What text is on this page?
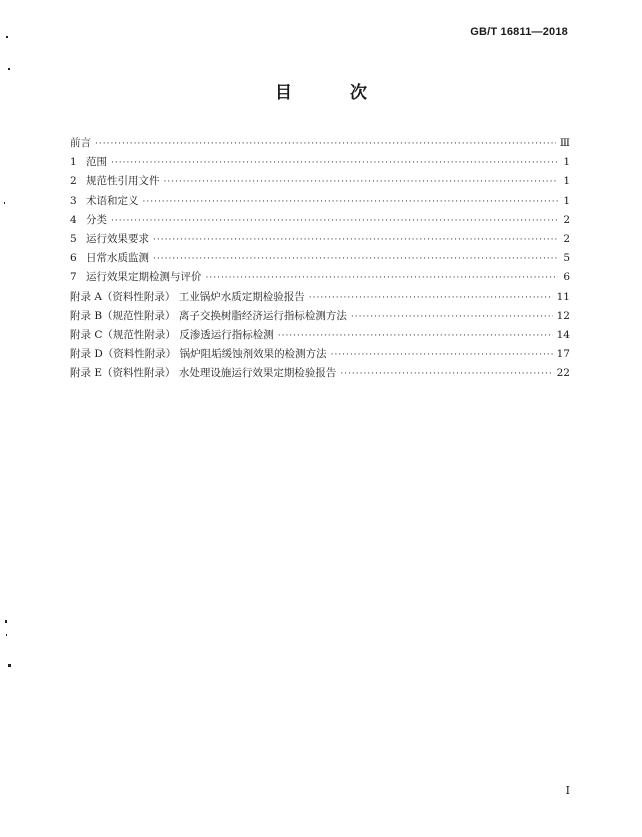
GB/T 16811—2018
目 次
前言 ·····	Ⅲ
1 范围 ·····	1
2 规范性引用文件 ·····	1
3 术语和定义 ·····	1
4 分类 ·····	2
5 运行效果要求 ·····	2
6 日常水质监测 ·····	5
7 运行效果定期检测与评价 ·····	6
附录 A（资料性附录） 工业锅炉水质定期检验报告 ·····	11
附录 B（规范性附录） 离子交换树脂经济运行指标检测方法 ·····	12
附录 C（规范性附录） 反渗透运行指标检测 ·····	14
附录 D（资料性附录） 锅炉阻垢缓蚀剂效果的检测方法 ·····	17
附录 E（资料性附录） 水处理设施运行效果定期检验报告 ·····	22
I
